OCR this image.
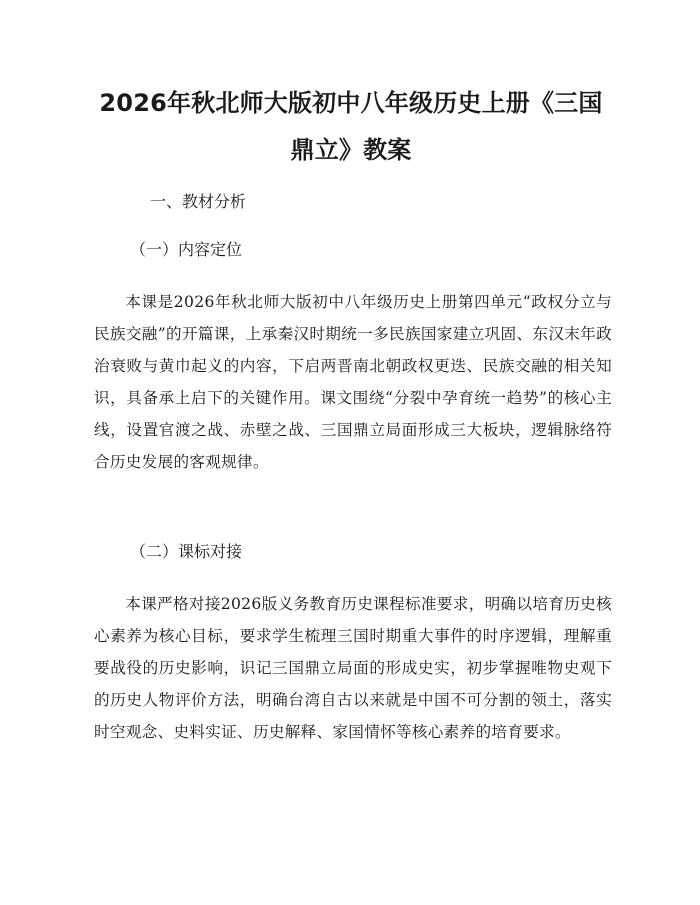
2026年秋北师大版初中八年级历史上册《三国鼎立》教案

一、教材分析

（一）内容定位

本课是2026年秋北师大版初中八年级历史上册第四单元“政权分立与民族交融”的开篇课，上承秦汉时期统一多民族国家建立巩固、东汉末年政治衰败与黄巾起义的内容，下启两晋南北朝政权更迭、民族交融的相关知识，具备承上启下的关键作用。课文围绕“分裂中孕育统一趋势”的核心主线，设置官渡之战、赤壁之战、三国鼎立局面形成三大板块，逻辑脉络符合历史发展的客观规律。

（二）课标对接

本课严格对接2026版义务教育历史课程标准要求，明确以培育历史核心素养为核心目标，要求学生梳理三国时期重大事件的时序逻辑，理解重要战役的历史影响，识记三国鼎立局面的形成史实，初步掌握唯物史观下的历史人物评价方法，明确台湾自古以来就是中国不可分割的领土，落实时空观念、史料实证、历史解释、家国情怀等核心素养的培育要求。
